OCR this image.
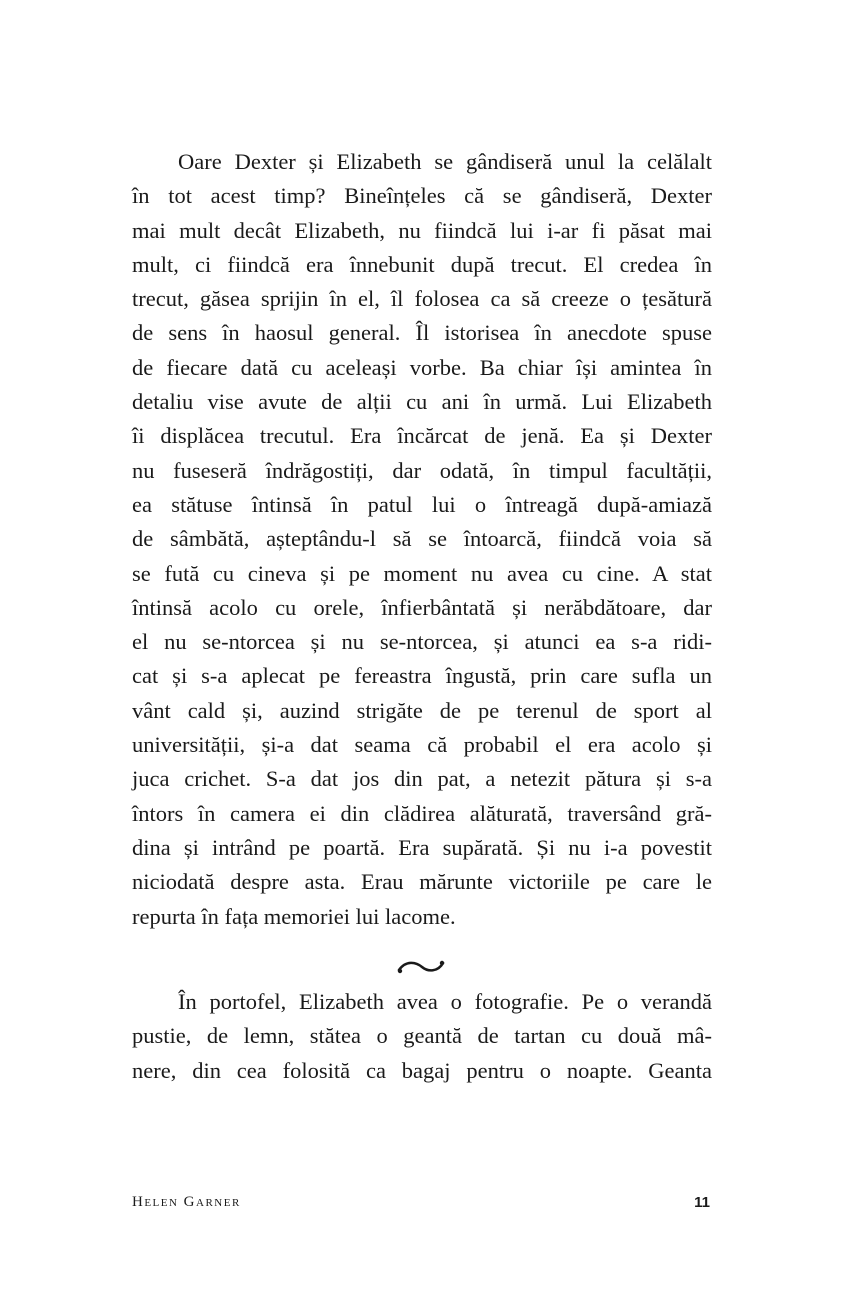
Oare Dexter și Elizabeth se gândiseră unul la celălalt
în tot acest timp? Bineînțeles că se gândiseră, Dexter
mai mult decât Elizabeth, nu fiindcă lui i-ar fi păsat mai
mult, ci fiindcă era înnebunit după trecut. El credea în
trecut, găsea sprijin în el, îl folosea ca să creeze o țesătură
de sens în haosul general. Îl istorisea în anecdote spuse
de fiecare dată cu aceleași vorbe. Ba chiar își amintea în
detaliu vise avute de alții cu ani în urmă. Lui Elizabeth
îi displăcea trecutul. Era încărcat de jenă. Ea și Dexter
nu fuseseră îndrăgostiți, dar odată, în timpul facultății,
ea stătuse întinsă în patul lui o întreagă după-amiază
de sâmbătă, așteptându-l să se întoarcă, fiindcă voia să
se fută cu cineva și pe moment nu avea cu cine. A stat
întinsă acolo cu orele, înfierbântată și nerăbdătoare, dar
el nu se-ntorcea și nu se-ntorcea, și atunci ea s-a ridi-
cat și s-a aplecat pe fereastra îngustă, prin care sufla un
vânt cald și, auzind strigăte de pe terenul de sport al
universității, și-a dat seama că probabil el era acolo și
juca crichet. S-a dat jos din pat, a netezit pătura și s-a
întors în camera ei din clădirea alăturată, traversând gră-
dina și intrând pe poartă. Era supărată. Și nu i-a povestit
niciodată despre asta. Erau mărunte victoriile pe care le
repurta în fața memoriei lui lacome.
În portofel, Elizabeth avea o fotografie. Pe o verandă
pustie, de lemn, stătea o geantă de tartan cu două mâ-
nere, din cea folosită ca bagaj pentru o noapte. Geanta
Helen Garner	11
